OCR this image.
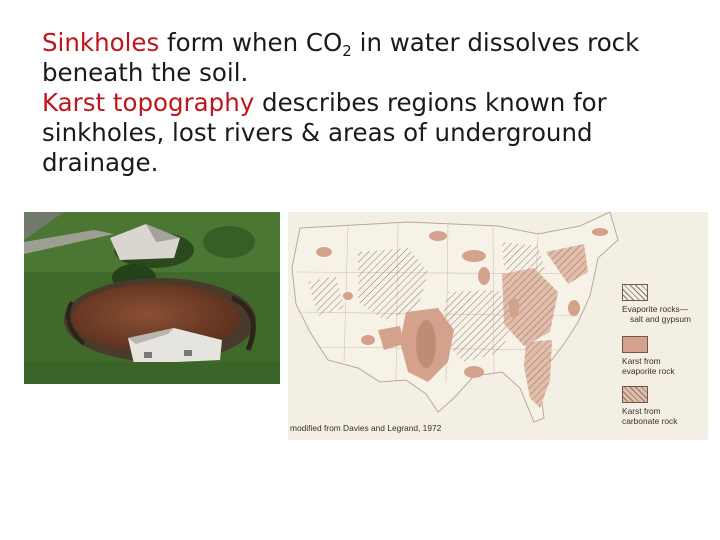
Sinkholes form when $CO_2$ in water dissolves rock beneath the soil.

Karst topography describes regions known for sinkholes, lost rivers & areas of underground drainage.

Evaporite rocks—
salt and gypsum
Karst from
evaporite rock
Karst from
carbonate rock
modified from Davies and Legrand, 1972
